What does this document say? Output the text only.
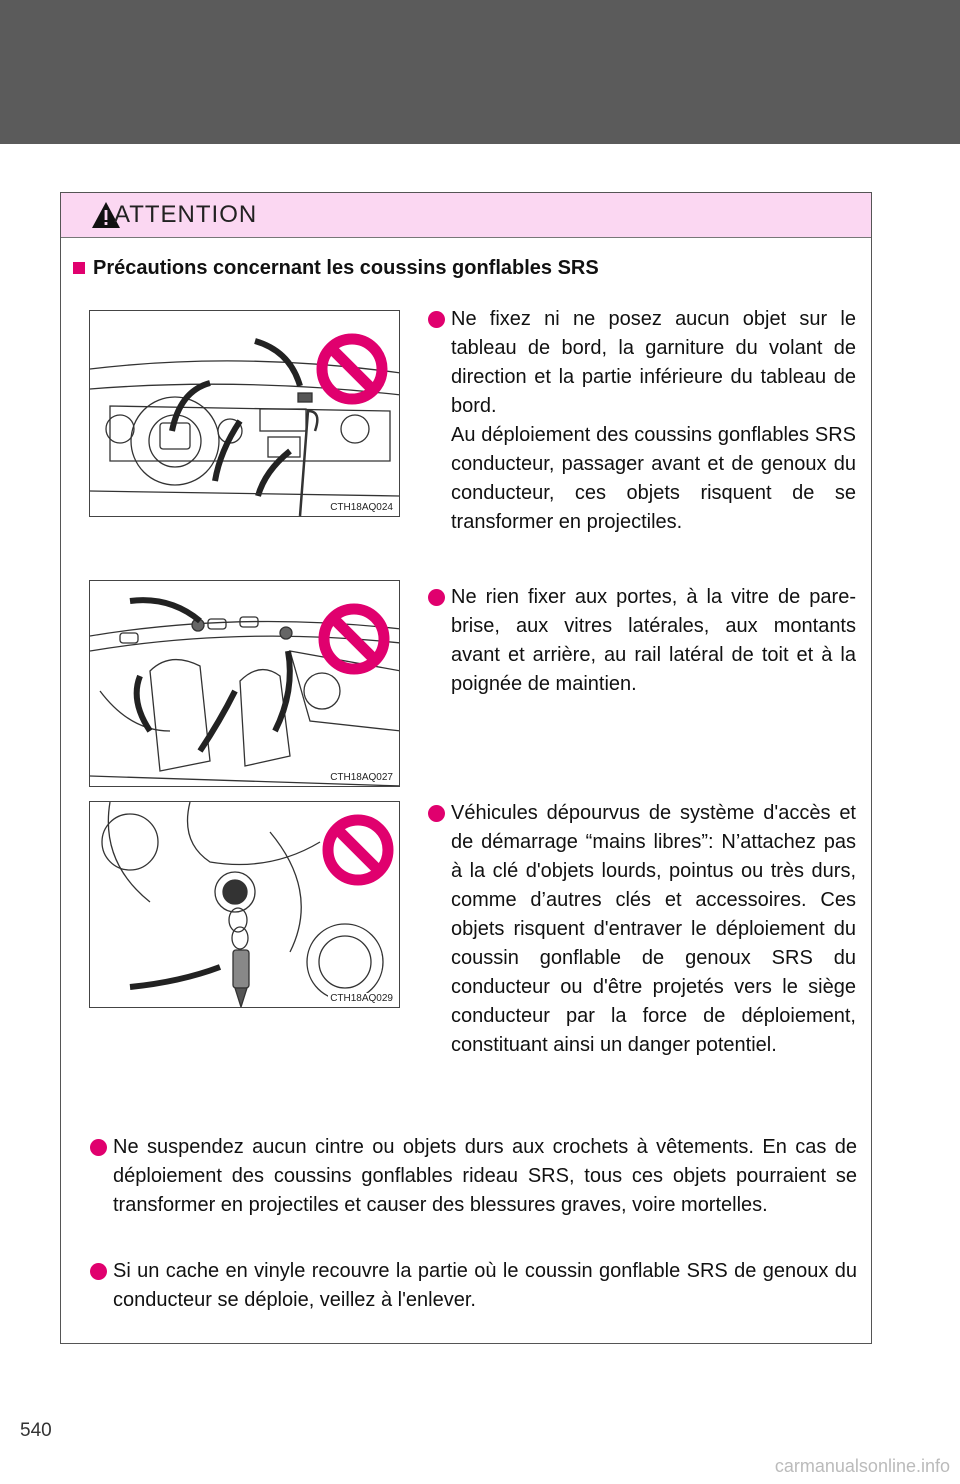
ATTENTION
Précautions concernant les coussins gonflables SRS
CTH18AQ024
CTH18AQ027
CTH18AQ029
Ne fixez ni ne posez aucun objet sur le tableau de bord, la garniture du volant de direction et la partie inférieure du tableau de bord.
Au déploiement des coussins gonflables SRS conducteur, passager avant et de genoux du conducteur, ces objets risquent de se transformer en projectiles.
Ne rien fixer aux portes, à la vitre de pare-brise, aux vitres latérales, aux montants avant et arrière, au rail latéral de toit et à la poignée de maintien.
Véhicules dépourvus de système d'accès et de démarrage “mains libres”: N’attachez pas à la clé d'objets lourds, pointus ou très durs, comme d’autres clés et accessoires. Ces objets risquent d'entraver le déploiement du coussin gonflable de genoux SRS du conducteur ou d'être projetés vers le siège conducteur par la force de déploiement, constituant ainsi un danger potentiel.
Ne suspendez aucun cintre ou objets durs aux crochets à vêtements. En cas de déploiement des coussins gonflables rideau SRS, tous ces objets pourraient se transformer en projectiles et causer des blessures graves, voire mortelles.
Si un cache en vinyle recouvre la partie où le coussin gonflable SRS de genoux du conducteur se déploie, veillez à l'enlever.
540
carmanualsonline.info
